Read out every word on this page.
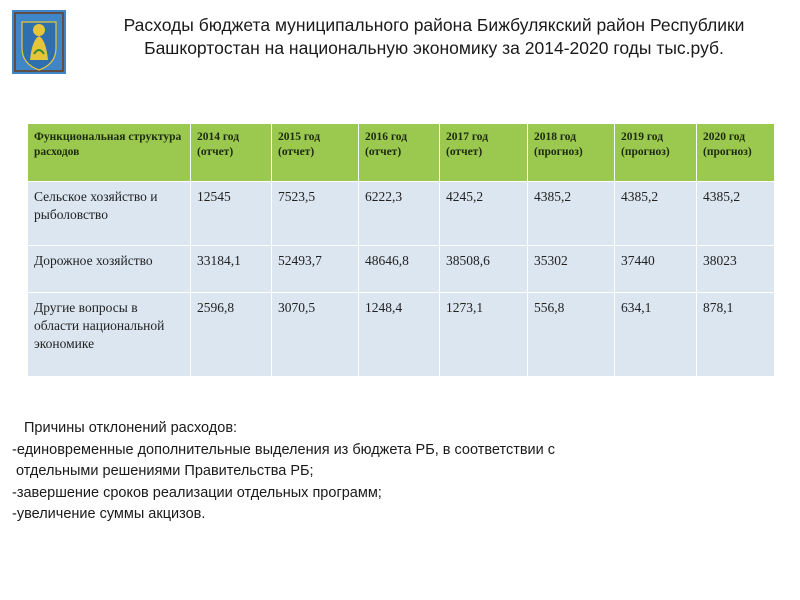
Расходы бюджета муниципального района Бижбулякский район Республики Башкортостан на национальную экономику за 2014-2020 годы тыс.руб.
Функциональная структура расходов	2014 год (отчет)	2015 год (отчет)	2016 год (отчет)	2017 год (отчет)	2018 год (прогноз)	2019 год (прогноз)	2020 год (прогноз)
Сельское хозяйство и рыболовство	12545	7523,5	6222,3	4245,2	4385,2	4385,2	4385,2
Дорожное хозяйство	33184,1	52493,7	48646,8	38508,6	35302	37440	38023
Другие вопросы в области национальной экономике	2596,8	3070,5	1248,4	1273,1	556,8	634,1	878,1

Причины отклонений расходов:

-единовременные дополнительные выделения из бюджета РБ, в соответствии с

отдельными решениями Правительства РБ;

-завершение сроков реализации отдельных программ;

-увеличение суммы акцизов.
